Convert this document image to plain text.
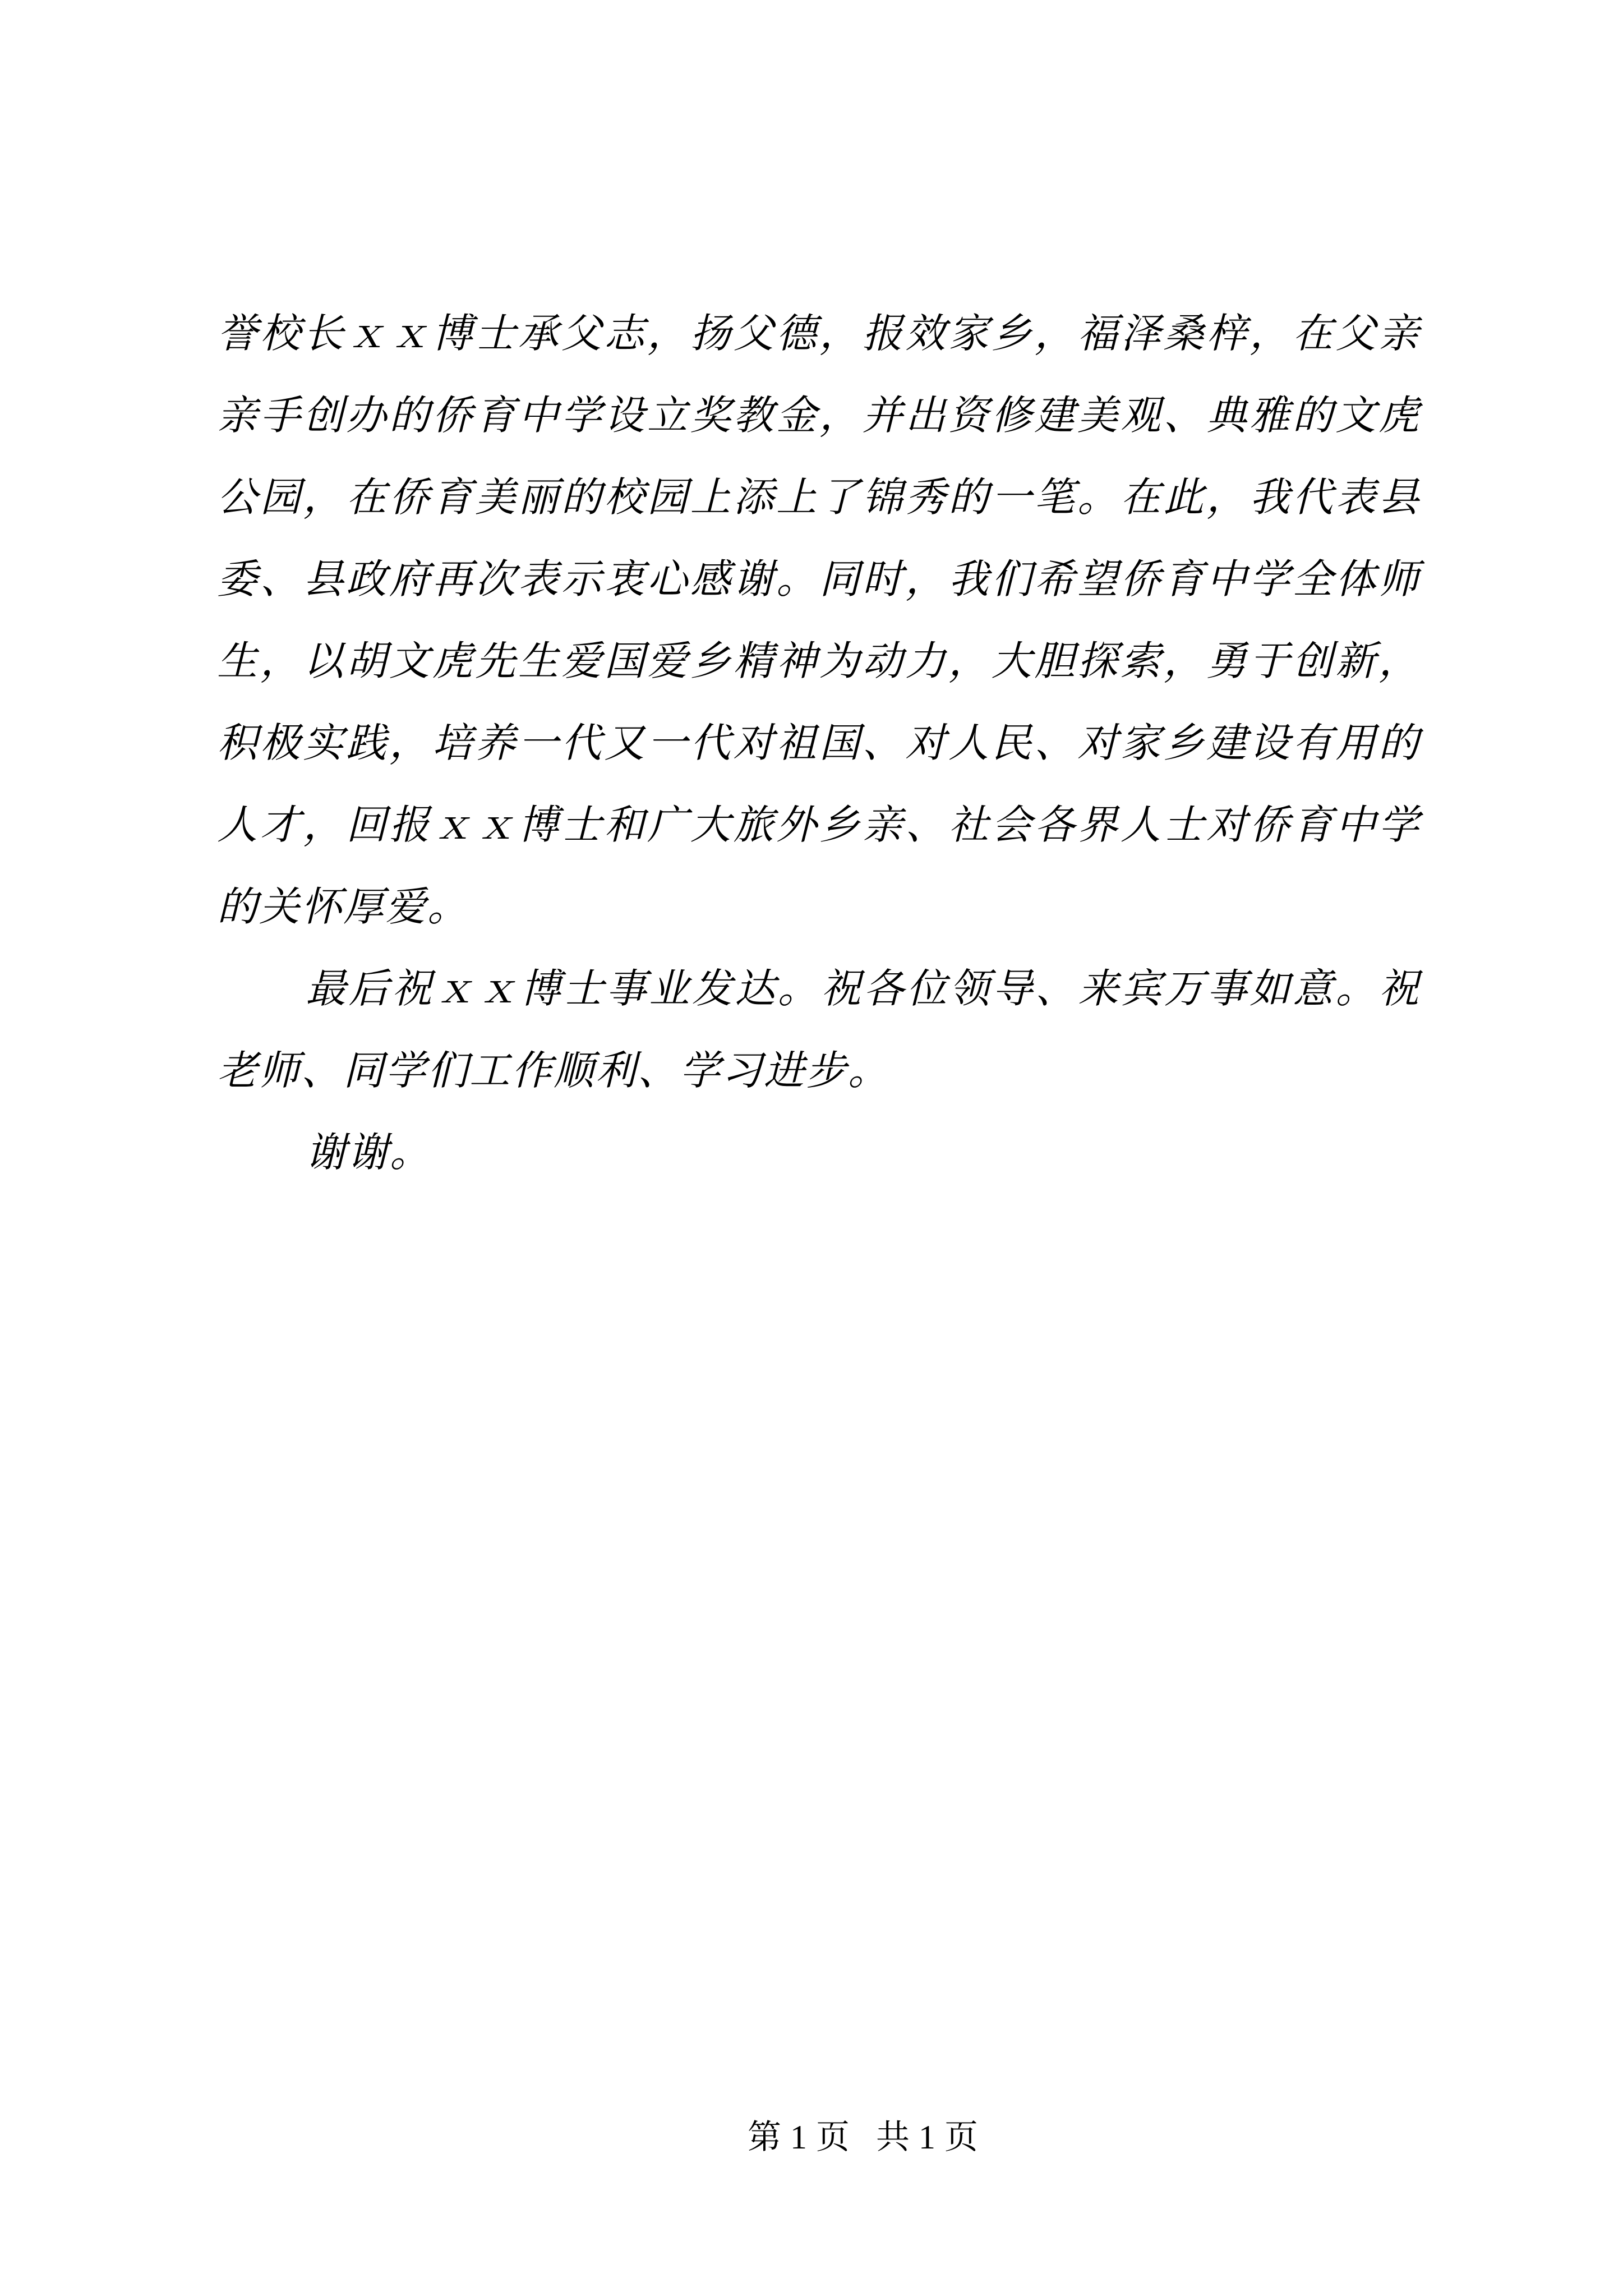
誉校长ｘｘ博士承父志，扬父德，报效家乡，福泽桑梓，在父亲
亲手创办的侨育中学设立奖教金，并出资修建美观、典雅的文虎
公园，在侨育美丽的校园上添上了锦秀的一笔。在此，我代表县
委、县政府再次表示衷心感谢。同时，我们希望侨育中学全体师
生，以胡文虎先生爱国爱乡精神为动力，大胆探索，勇于创新，
积极实践，培养一代又一代对祖国、对人民、对家乡建设有用的
人才，回报ｘｘ博士和广大旅外乡亲、社会各界人士对侨育中学
的关怀厚爱。
最后祝ｘｘ博士事业发达。祝各位领导、来宾万事如意。祝
老师、同学们工作顺利、学习进步。
谢谢。
第1页 共1页
